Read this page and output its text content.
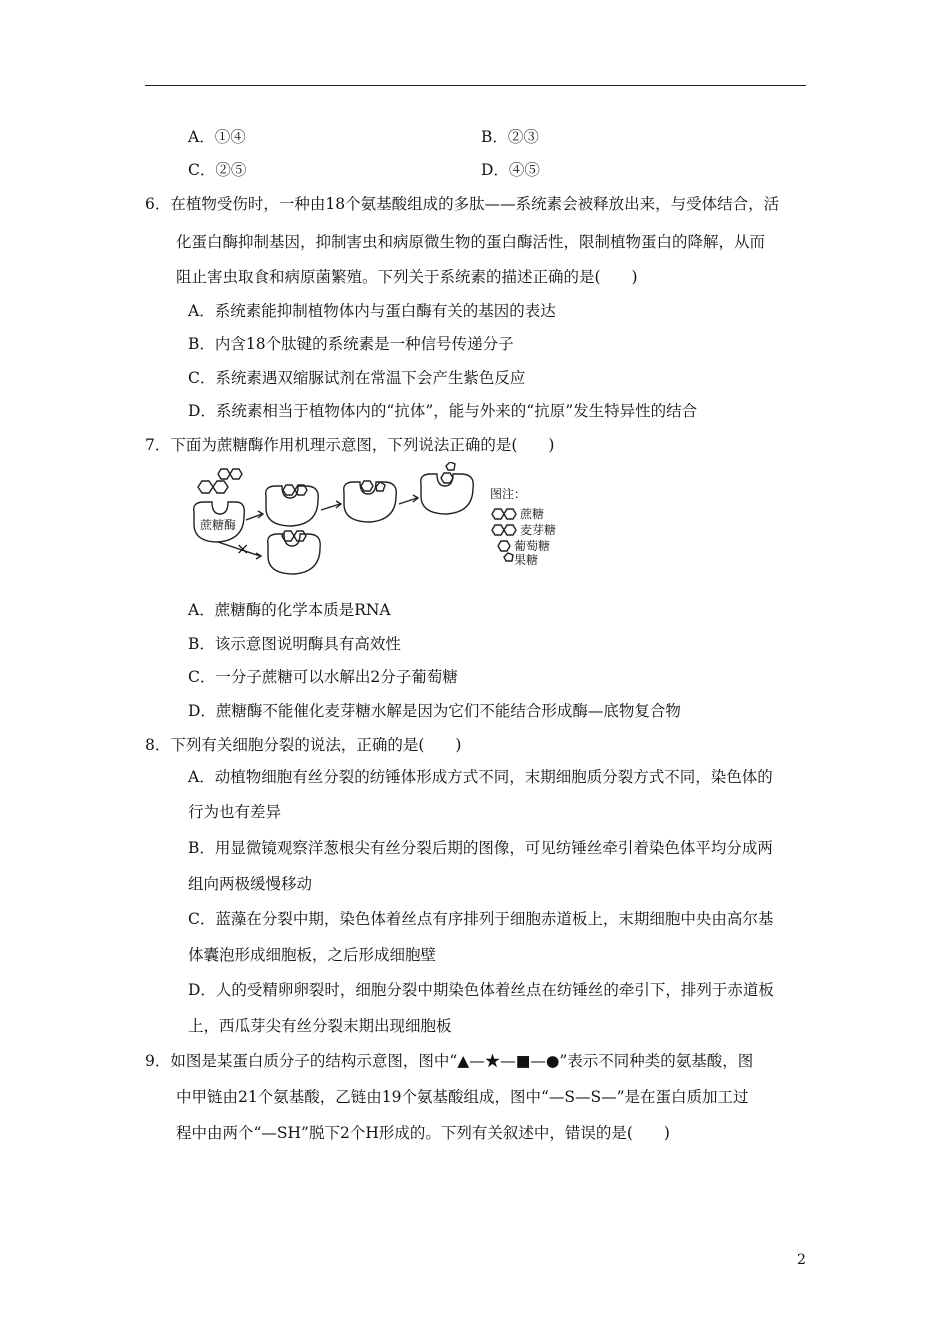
A．①④	B．②③
C．②⑤	D．④⑤
6．在植物受伤时，一种由18个氨基酸组成的多肽——系统素会被释放出来，与受体结合，活
化蛋白酶抑制基因，抑制害虫和病原微生物的蛋白酶活性，限制植物蛋白的降解，从而
阻止害虫取食和病原菌繁殖。下列关于系统素的描述正确的是(　　)
A．系统素能抑制植物体内与蛋白酶有关的基因的表达
B．内含18个肽键的系统素是一种信号传递分子
C．系统素遇双缩脲试剂在常温下会产生紫色反应
D．系统素相当于植物体内的“抗体”，能与外来的“抗原”发生特异性的结合
7．下面为蔗糖酶作用机理示意图，下列说法正确的是(　　)
蔗糖酶
×
图注：
蔗糖
麦芽糖
葡萄糖
果糖
A．蔗糖酶的化学本质是RNA
B．该示意图说明酶具有高效性
C．一分子蔗糖可以水解出2分子葡萄糖
D．蔗糖酶不能催化麦芽糖水解是因为它们不能结合形成酶—底物复合物
8．下列有关细胞分裂的说法，正确的是(　　)
A．动植物细胞有丝分裂的纺锤体形成方式不同，末期细胞质分裂方式不同，染色体的
行为也有差异
B．用显微镜观察洋葱根尖有丝分裂后期的图像，可见纺锤丝牵引着染色体平均分成两
组向两极缓慢移动
C．蓝藻在分裂中期，染色体着丝点有序排列于细胞赤道板上，末期细胞中央由高尔基
体囊泡形成细胞板，之后形成细胞壁
D．人的受精卵卵裂时，细胞分裂中期染色体着丝点在纺锤丝的牵引下，排列于赤道板
上，西瓜芽尖有丝分裂末期出现细胞板
9．如图是某蛋白质分子的结构示意图，图中“▲—★—■—●”表示不同种类的氨基酸，图
中甲链由21个氨基酸，乙链由19个氨基酸组成，图中“—S—S—”是在蛋白质加工过
程中由两个“—SH”脱下2个H形成的。下列有关叙述中，错误的是(　　)
2
